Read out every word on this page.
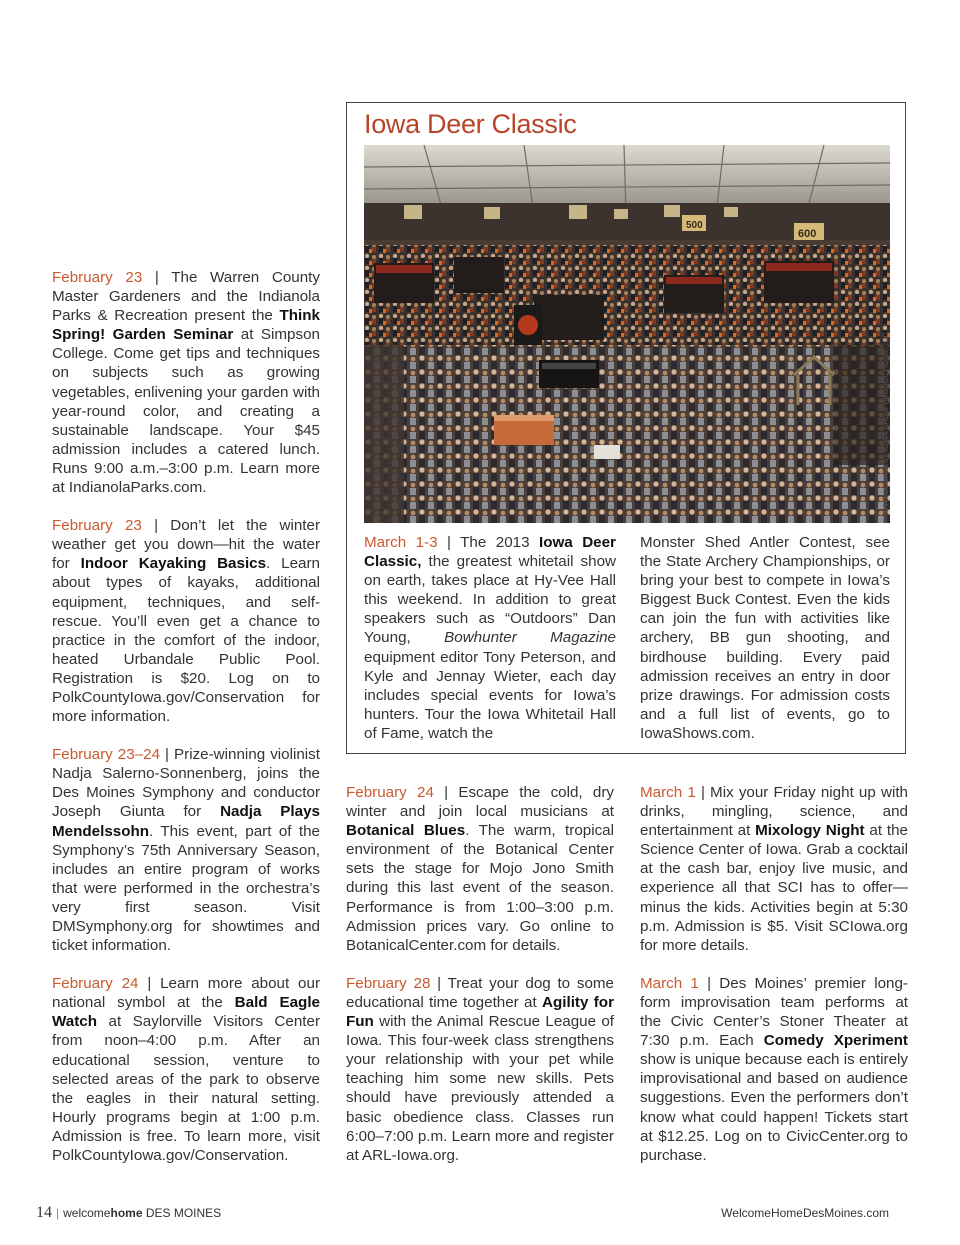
February 23 | The Warren County Master Gardeners and the Indianola Parks & Recreation present the Think Spring! Garden Seminar at Simpson College. Come get tips and techniques on subjects such as growing vegetables, enlivening your garden with year-round color, and creating a sustainable landscape. Your $45 admission includes a catered lunch. Runs 9:00 a.m.–3:00 p.m. Learn more at IndianolaParks.com.

February 23 | Don’t let the winter weather get you down—hit the water for Indoor Kayaking Basics. Learn about types of kayaks, additional equipment, techniques, and self-rescue. You’ll even get a chance to practice in the comfort of the indoor, heated Urbandale Public Pool. Registration is $20. Log on to PolkCountyIowa.gov/Conservation for more information.

February 23–24 | Prize-winning violinist Nadja Salerno-Sonnenberg, joins the Des Moines Symphony and conductor Joseph Giunta for Nadja Plays Mendelssohn. This event, part of the Symphony’s 75th Anniversary Season, includes an entire program of works that were performed in the orchestra’s very first season. Visit DMSymphony.org for showtimes and ticket information.

February 24 | Learn more about our national symbol at the Bald Eagle Watch at Saylorville Visitors Center from noon–4:00 p.m. After an educational session, venture to selected areas of the park to observe the eagles in their natural setting. Hourly programs begin at 1:00 p.m. Admission is free. To learn more, visit PolkCountyIowa.gov/Conservation.

Iowa Deer Classic
500
600
PHOTO COURTESY IOWA SHOW PRODUCTIONS, INC.

March 1-3 | The 2013 Iowa Deer Classic, the greatest whitetail show on earth, takes place at Hy-Vee Hall this weekend. In addition to great speakers such as “Outdoors” Dan Young, Bowhunter Magazine equipment editor Tony Peterson, and Kyle and Jennay Wieter, each day includes special events for Iowa’s hunters. Tour the Iowa Whitetail Hall of Fame, watch the

Monster Shed Antler Contest, see the State Archery Championships, or bring your best to compete in Iowa’s Biggest Buck Contest. Even the kids can join the fun with activities like archery, BB gun shooting, and birdhouse building. Every paid admission receives an entry in door prize drawings. For admission costs and a full list of events, go to IowaShows.com.

February 24 | Escape the cold, dry winter and join local musicians at Botanical Blues. The warm, tropical environment of the Botanical Center sets the stage for Mojo Jono Smith during this last event of the season. Performance is from 1:00–3:00 p.m. Admission prices vary. Go online to BotanicalCenter.com for details.

February 28 | Treat your dog to some educational time together at Agility for Fun with the Animal Rescue League of Iowa. This four-week class strengthens your relationship with your pet while teaching him some new skills. Pets should have previously attended a basic obedience class. Classes run 6:00–7:00 p.m. Learn more and register at ARL-Iowa.org.

March 1 | Mix your Friday night up with drinks, mingling, science, and entertainment at Mixology Night at the Science Center of Iowa. Grab a cocktail at the cash bar, enjoy live music, and experience all that SCI has to offer—minus the kids. Activities begin at 5:30 p.m. Admission is $5. Visit SCIowa.org for more details.

March 1 | Des Moines’ premier long-form improvisation team performs at the Civic Center’s Stoner Theater at 7:30 p.m. Each Comedy Xperiment show is unique because each is entirely improvisational and based on audience suggestions. Even the performers don’t know what could happen! Tickets start at $12.25. Log on to CivicCenter.org to purchase.

14 | welcomehome DES MOINES	WelcomeHomeDesMoines.com
